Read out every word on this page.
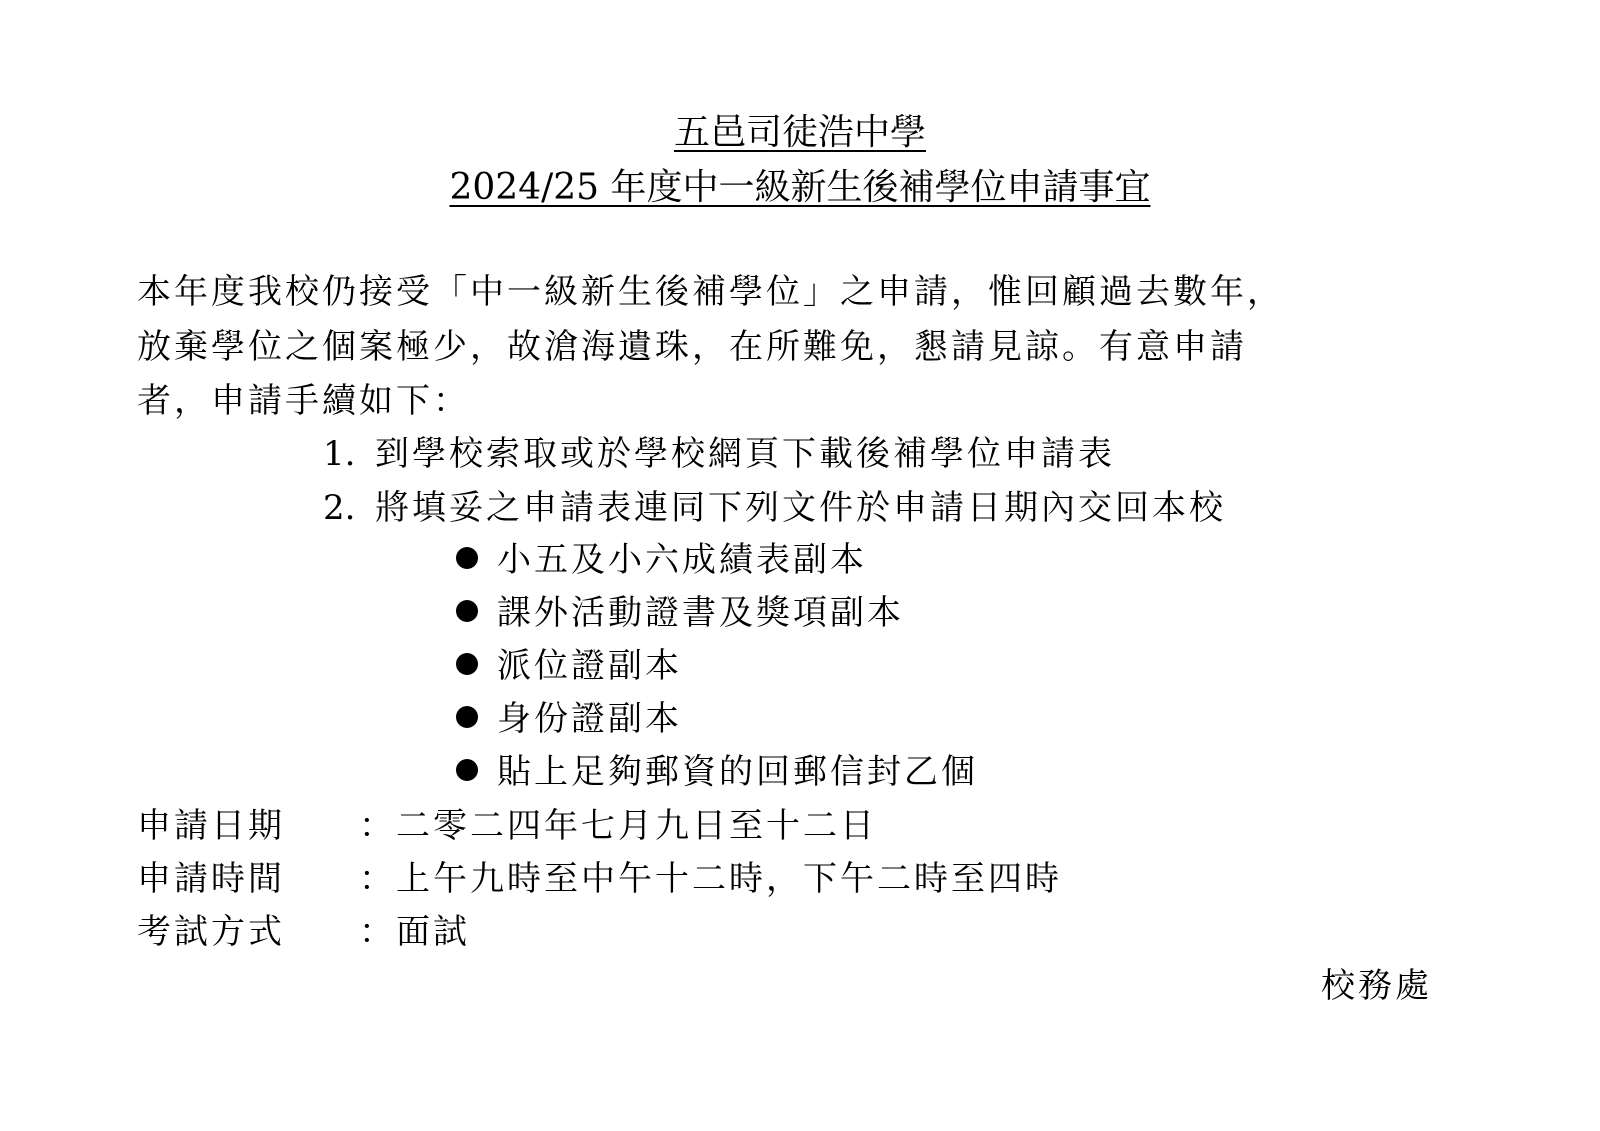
五邑司徒浩中學
2024/25 年度中一級新生後補學位申請事宜
本年度我校仍接受「中一級新生後補學位」之申請，惟回顧過去數年，
放棄學位之個案極少，故滄海遺珠，在所難免，懇請見諒。有意申請
者，申請手續如下：
1. 到學校索取或於學校網頁下載後補學位申請表
2. 將填妥之申請表連同下列文件於申請日期內交回本校
小五及小六成績表副本
課外活動證書及獎項副本
派位證副本
身份證副本
貼上足夠郵資的回郵信封乙個
申請日期 ：二零二四年七月九日至十二日
申請時間 ：上午九時至中午十二時，下午二時至四時
考試方式 ：面試
校務處
